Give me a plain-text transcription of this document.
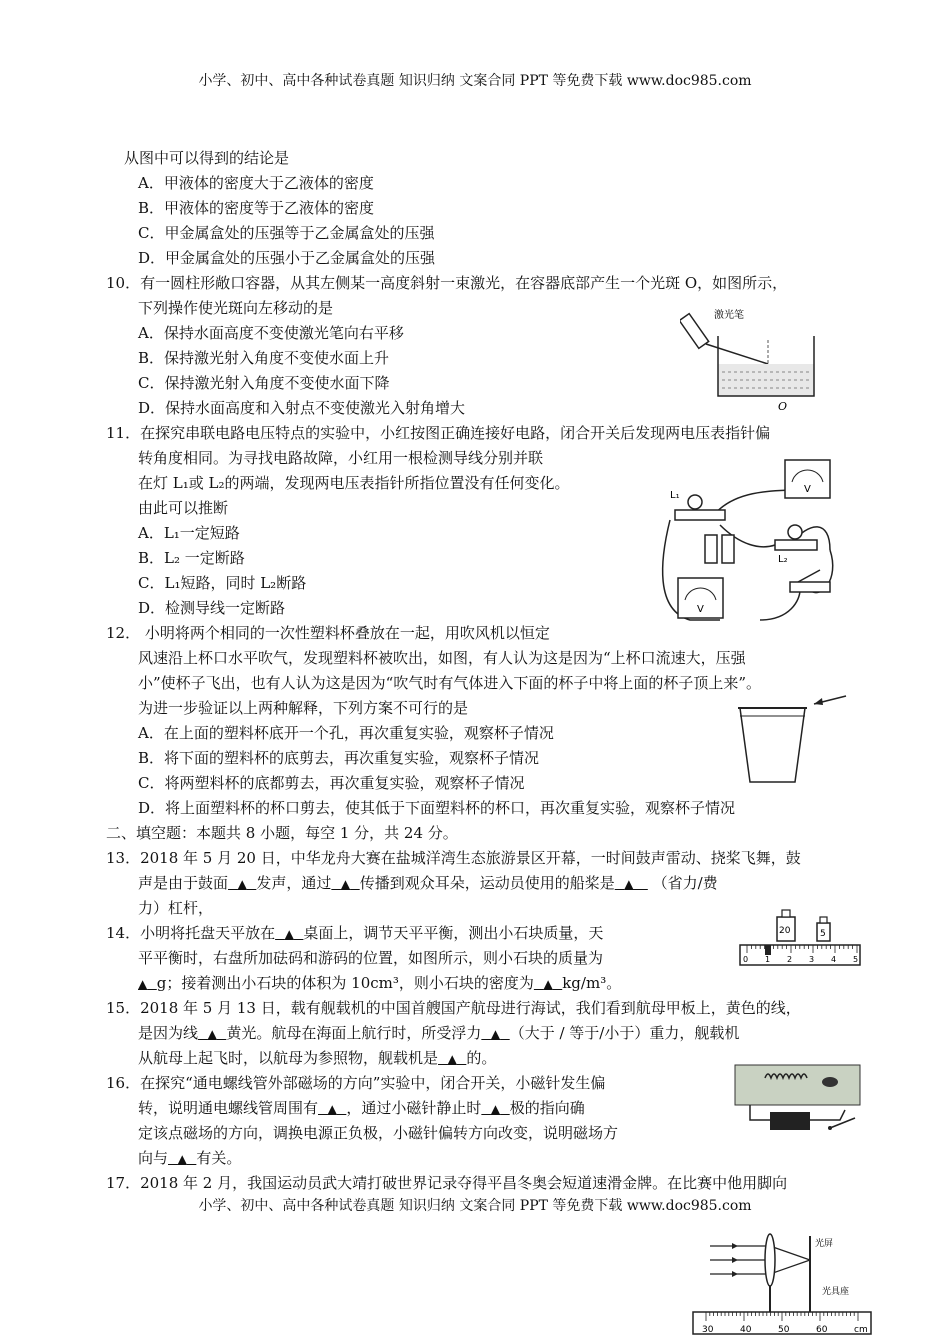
小学、初中、高中各种试卷真题 知识归纳 文案合同 PPT 等免费下载 www.doc985.com
从图中可以得到的结论是
A．甲液体的密度大于乙液体的密度
B．甲液体的密度等于乙液体的密度
C．甲金属盒处的压强等于乙金属盒处的压强
D．甲金属盒处的压强小于乙金属盒处的压强
10．有一圆柱形敞口容器，从其左侧某一高度斜射一束激光，在容器底部产生一个光斑 O，如图所示，
下列操作使光斑向左移动的是
A．保持水面高度不变使激光笔向右平移
B．保持激光射入角度不变使水面上升
C．保持激光射入角度不变使水面下降
D．保持水面高度和入射点不变使激光入射角增大
激光笔
O
11．在探究串联电路电压特点的实验中，小红按图正确连接好电路，闭合开关后发现两电压表指针偏
转角度相同。为寻找电路故障，小红用一根检测导线分别并联
在灯 L₁或 L₂的两端，发现两电压表指针所指位置没有任何变化。
由此可以推断
A．L₁一定短路
B．L₂ 一定断路
C．L₁短路，同时 L₂断路
D．检测导线一定断路
V
L₁
L₂
V
12． 小明将两个相同的一次性塑料杯叠放在一起，用吹风机以恒定
风速沿上杯口水平吹气，发现塑料杯被吹出，如图，有人认为这是因为“上杯口流速大，压强
小”使杯子飞出，也有人认为这是因为“吹气时有气体进入下面的杯子中将上面的杯子顶上来”。
为进一步验证以上两种解释，下列方案不可行的是
A．在上面的塑料杯底开一个孔，再次重复实验，观察杯子情况
B．将下面的塑料杯的底剪去，再次重复实验，观察杯子情况
C．将两塑料杯的底都剪去，再次重复实验，观察杯子情况
D．将上面塑料杯的杯口剪去，使其低于下面塑料杯的杯口，再次重复实验，观察杯子情况
二、填空题：本题共 8 小题，每空 1 分，共 24 分。
13．2018 年 5 月 20 日，中华龙舟大赛在盐城洋湾生态旅游景区开幕，一时间鼓声雷动、挠桨飞舞，鼓
声是由于鼓面 ▲ 发声，通过 ▲ 传播到观众耳朵，运动员使用的船桨是 ▲ （省力/费
力）杠杆，
14．小明将托盘天平放在 ▲ 桌面上，调节天平平衡，测出小石块质量，天
平平衡时，右盘所加砝码和游码的位置，如图所示，则小石块的质量为
▲ g；接着测出小石块的体积为 10cm³，则小石块的密度为 ▲ kg/m³。
20	5
0 1 2 3 4 5
15．2018 年 5 月 13 日，载有舰载机的中国首艘国产航母进行海试，我们看到航母甲板上，黄色的线，
是因为线 ▲ 黄光。航母在海面上航行时，所受浮力 ▲ （大于 / 等于/小于）重力，舰载机
从航母上起飞时，以航母为参照物，舰载机是 ▲ 的。
16．在探究“通电螺线管外部磁场的方向”实验中，闭合开关，小磁针发生偏
转，说明通电螺线管周围有 ▲ ，通过小磁针静止时 ▲ 极的指向确
定该点磁场的方向，调换电源正负极，小磁针偏转方向改变，说明磁场方
向与 ▲ 有关。
17．2018 年 2 月，我国运动员武大靖打破世界记录夺得平昌冬奥会短道速滑金牌。在比赛中他用脚向
小学、初中、高中各种试卷真题 知识归纳 文案合同 PPT 等免费下载 www.doc985.com
光屏
光具座
30	40	50	60	cm
